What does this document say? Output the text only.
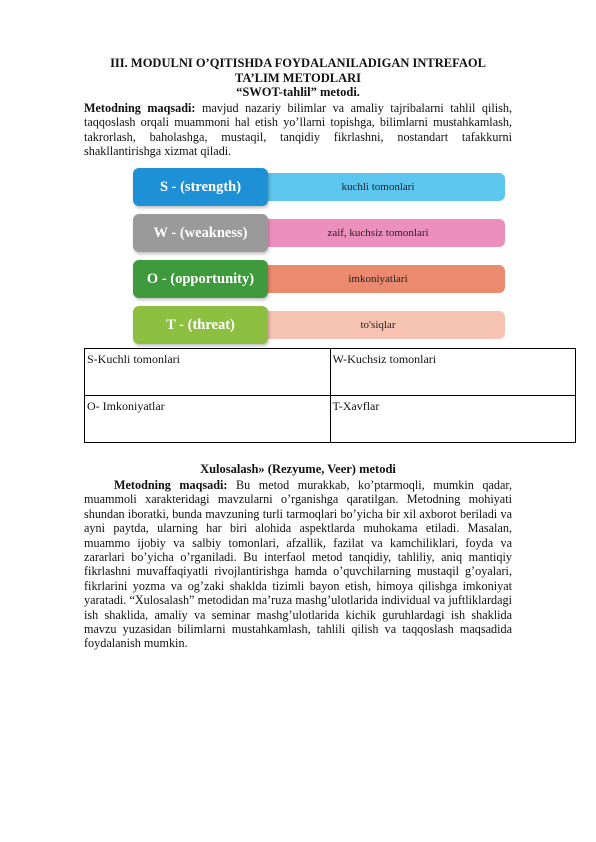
III. MODULNI O’QITISHDA FOYDALANILADIGAN INTREFAOL
TA’LIM METODLARI
“SWOT-tahlil” metodi.
Metodning maqsadi: mavjud nazariy bilimlar va amaliy tajribalarni tahlil qilish, taqqoslash orqali muammoni hal etish yo’llarni topishga, bilimlarni mustahkamlash, takrorlash, baholashga, mustaqil, tanqidiy fikrlashni, nostandart tafakkurni shakllantirishga xizmat qiladi.
kuchli tomonlari
S - (strength)
zaif, kuchsiz tomonlari
W - (weakness)
imkoniyatlari
O - (opportunity)
to'siqlar
T - (threat)
S-Kuchli tomonlari	W-Kuchsiz tomonlari
O- Imkoniyatlar	T-Xavflar
Xulosalash» (Rezyume, Veer) metodi
Metodning maqsadi: Bu metod murakkab, ko’ptarmoqli, mumkin qadar, muammoli xarakteridagi mavzularni o’rganishga qaratilgan. Metodning mohiyati shundan iboratki, bunda mavzuning turli tarmoqlari bo’yicha bir xil axborot beriladi va ayni paytda, ularning har biri alohida aspektlarda muhokama etiladi. Masalan, muammo ijobiy va salbiy tomonlari, afzallik, fazilat va kamchiliklari, foyda va zararlari bo’yicha o’rganiladi. Bu interfaol metod tanqidiy, tahliliy, aniq mantiqiy fikrlashni muvaffaqiyatli rivojlantirishga hamda o’quvchilarning mustaqil g’oyalari, fikrlarini yozma va og’zaki shaklda tizimli bayon etish, himoya qilishga imkoniyat yaratadi. “Xulosalash” metodidan ma’ruza mashg’ulotlarida individual va juftliklardagi ish shaklida, amaliy va seminar mashg’ulotlarida kichik guruhlardagi ish shaklida mavzu yuzasidan bilimlarni mustahkamlash, tahlili qilish va taqqoslash maqsadida foydalanish mumkin.
